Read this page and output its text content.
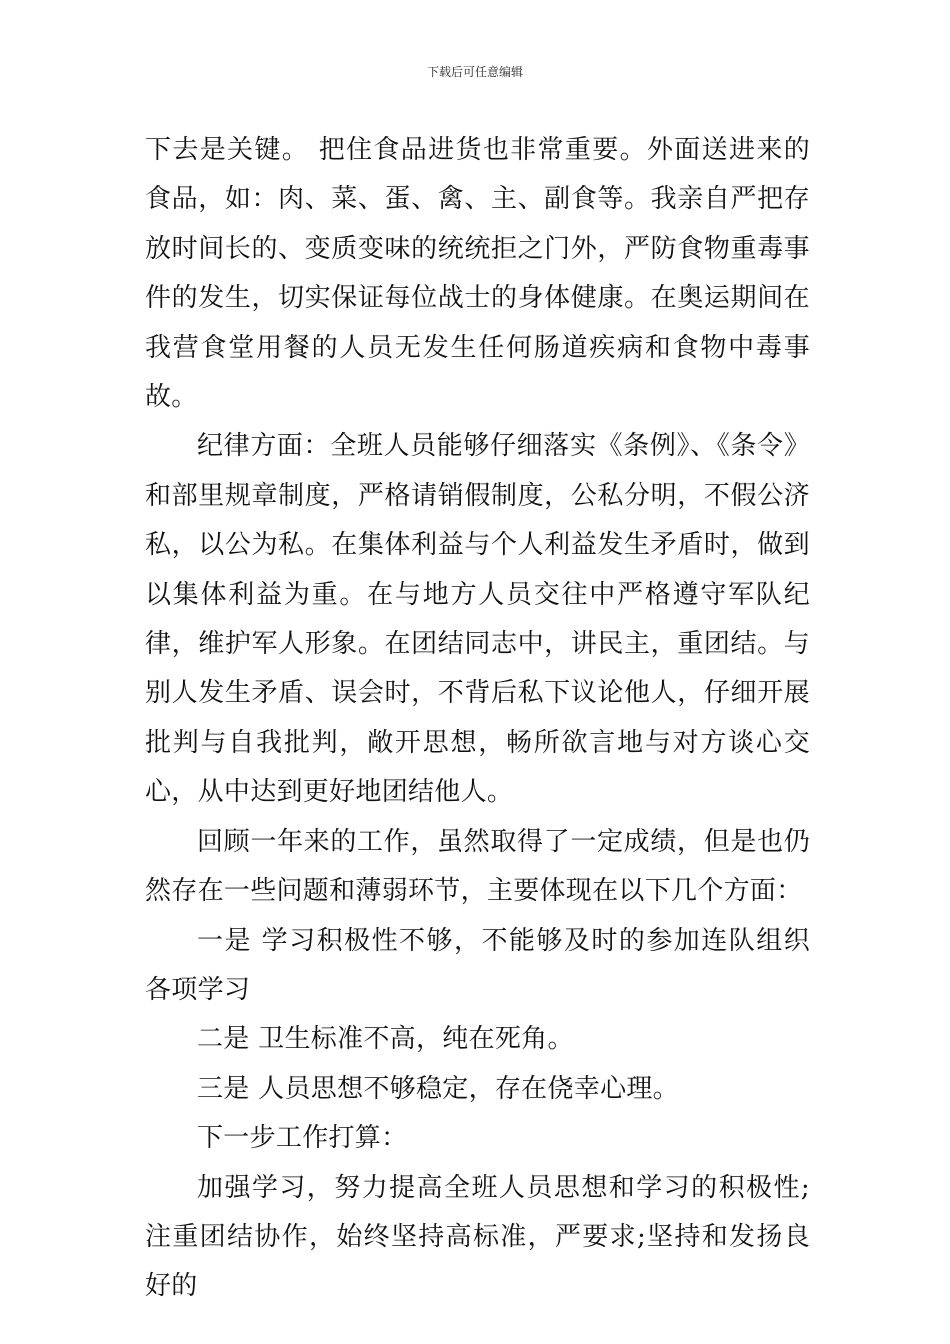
下载后可任意编辑

下去是关键。 把住食品进货也非常重要。外面送进来的食品，如：肉、菜、蛋、禽、主、副食等。我亲自严把存放时间长的、变质变味的统统拒之门外，严防食物重毒事件的发生，切实保证每位战士的身体健康。在奥运期间在我营食堂用餐的人员无发生任何肠道疾病和食物中毒事故。

纪律方面：全班人员能够仔细落实《条例》、《条令》和部里规章制度，严格请销假制度，公私分明，不假公济私，以公为私。在集体利益与个人利益发生矛盾时，做到以集体利益为重。在与地方人员交往中严格遵守军队纪律，维护军人形象。在团结同志中，讲民主，重团结。与别人发生矛盾、误会时，不背后私下议论他人，仔细开展批判与自我批判，敞开思想，畅所欲言地与对方谈心交心，从中达到更好地团结他人。

回顾一年来的工作，虽然取得了一定成绩，但是也仍然存在一些问题和薄弱环节，主要体现在以下几个方面：

一是 学习积极性不够，不能够及时的参加连队组织各项学习

二是 卫生标准不高，纯在死角。

三是 人员思想不够稳定，存在侥幸心理。

下一步工作打算：

加强学习，努力提高全班人员思想和学习的积极性;注重团结协作，始终坚持高标准，严要求;坚持和发扬良好的
